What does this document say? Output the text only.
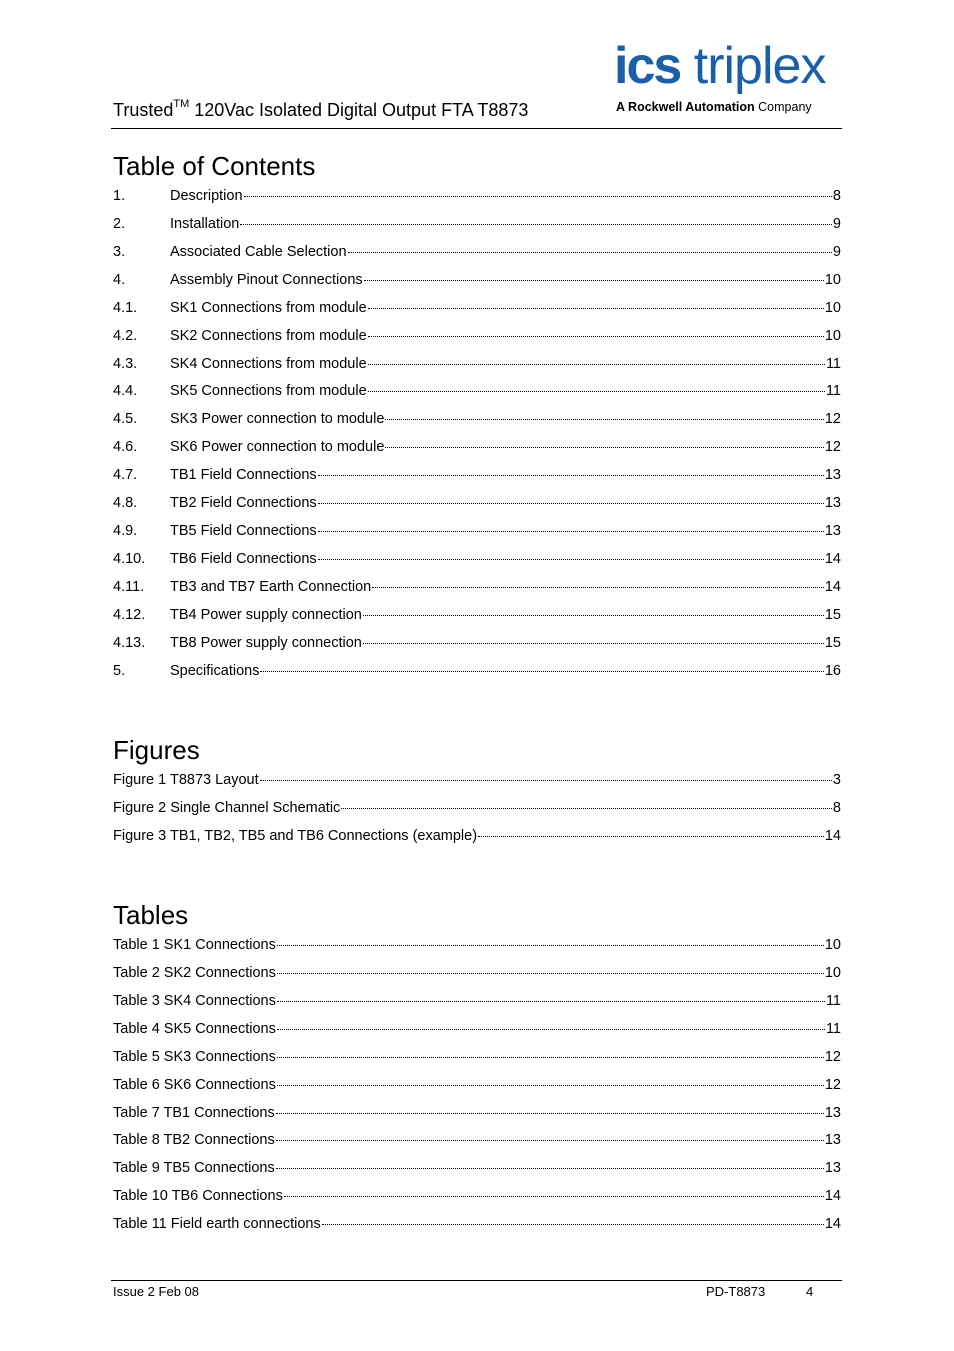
Trusted™ 120Vac Isolated Digital Output FTA T8873
ics triplex
A Rockwell Automation Company
Table of Contents
1.	Description	8
2.	Installation	9
3.	Associated Cable Selection	9
4.	Assembly Pinout Connections	10
4.1.	SK1 Connections from module	10
4.2.	SK2 Connections from module	10
4.3.	SK4 Connections from module	11
4.4.	SK5 Connections from module	11
4.5.	SK3 Power connection to module	12
4.6.	SK6 Power connection to module	12
4.7.	TB1 Field Connections	13
4.8.	TB2 Field Connections	13
4.9.	TB5 Field Connections	13
4.10.	TB6 Field Connections	14
4.11.	TB3 and TB7 Earth Connection	14
4.12.	TB4 Power supply connection	15
4.13.	TB8 Power supply connection	15
5.	Specifications	16
Figures
Figure 1 T8873 Layout	3
Figure 2 Single Channel Schematic	8
Figure 3 TB1, TB2, TB5 and TB6 Connections (example)	14
Tables
Table 1 SK1 Connections	10
Table 2 SK2 Connections	10
Table 3 SK4 Connections	11
Table 4 SK5 Connections	11
Table 5 SK3 Connections	12
Table 6 SK6 Connections	12
Table 7 TB1 Connections	13
Table 8 TB2 Connections	13
Table 9 TB5 Connections	13
Table 10 TB6 Connections	14
Table 11 Field earth connections	14
Issue 2 Feb 08	PD-T8873	4
